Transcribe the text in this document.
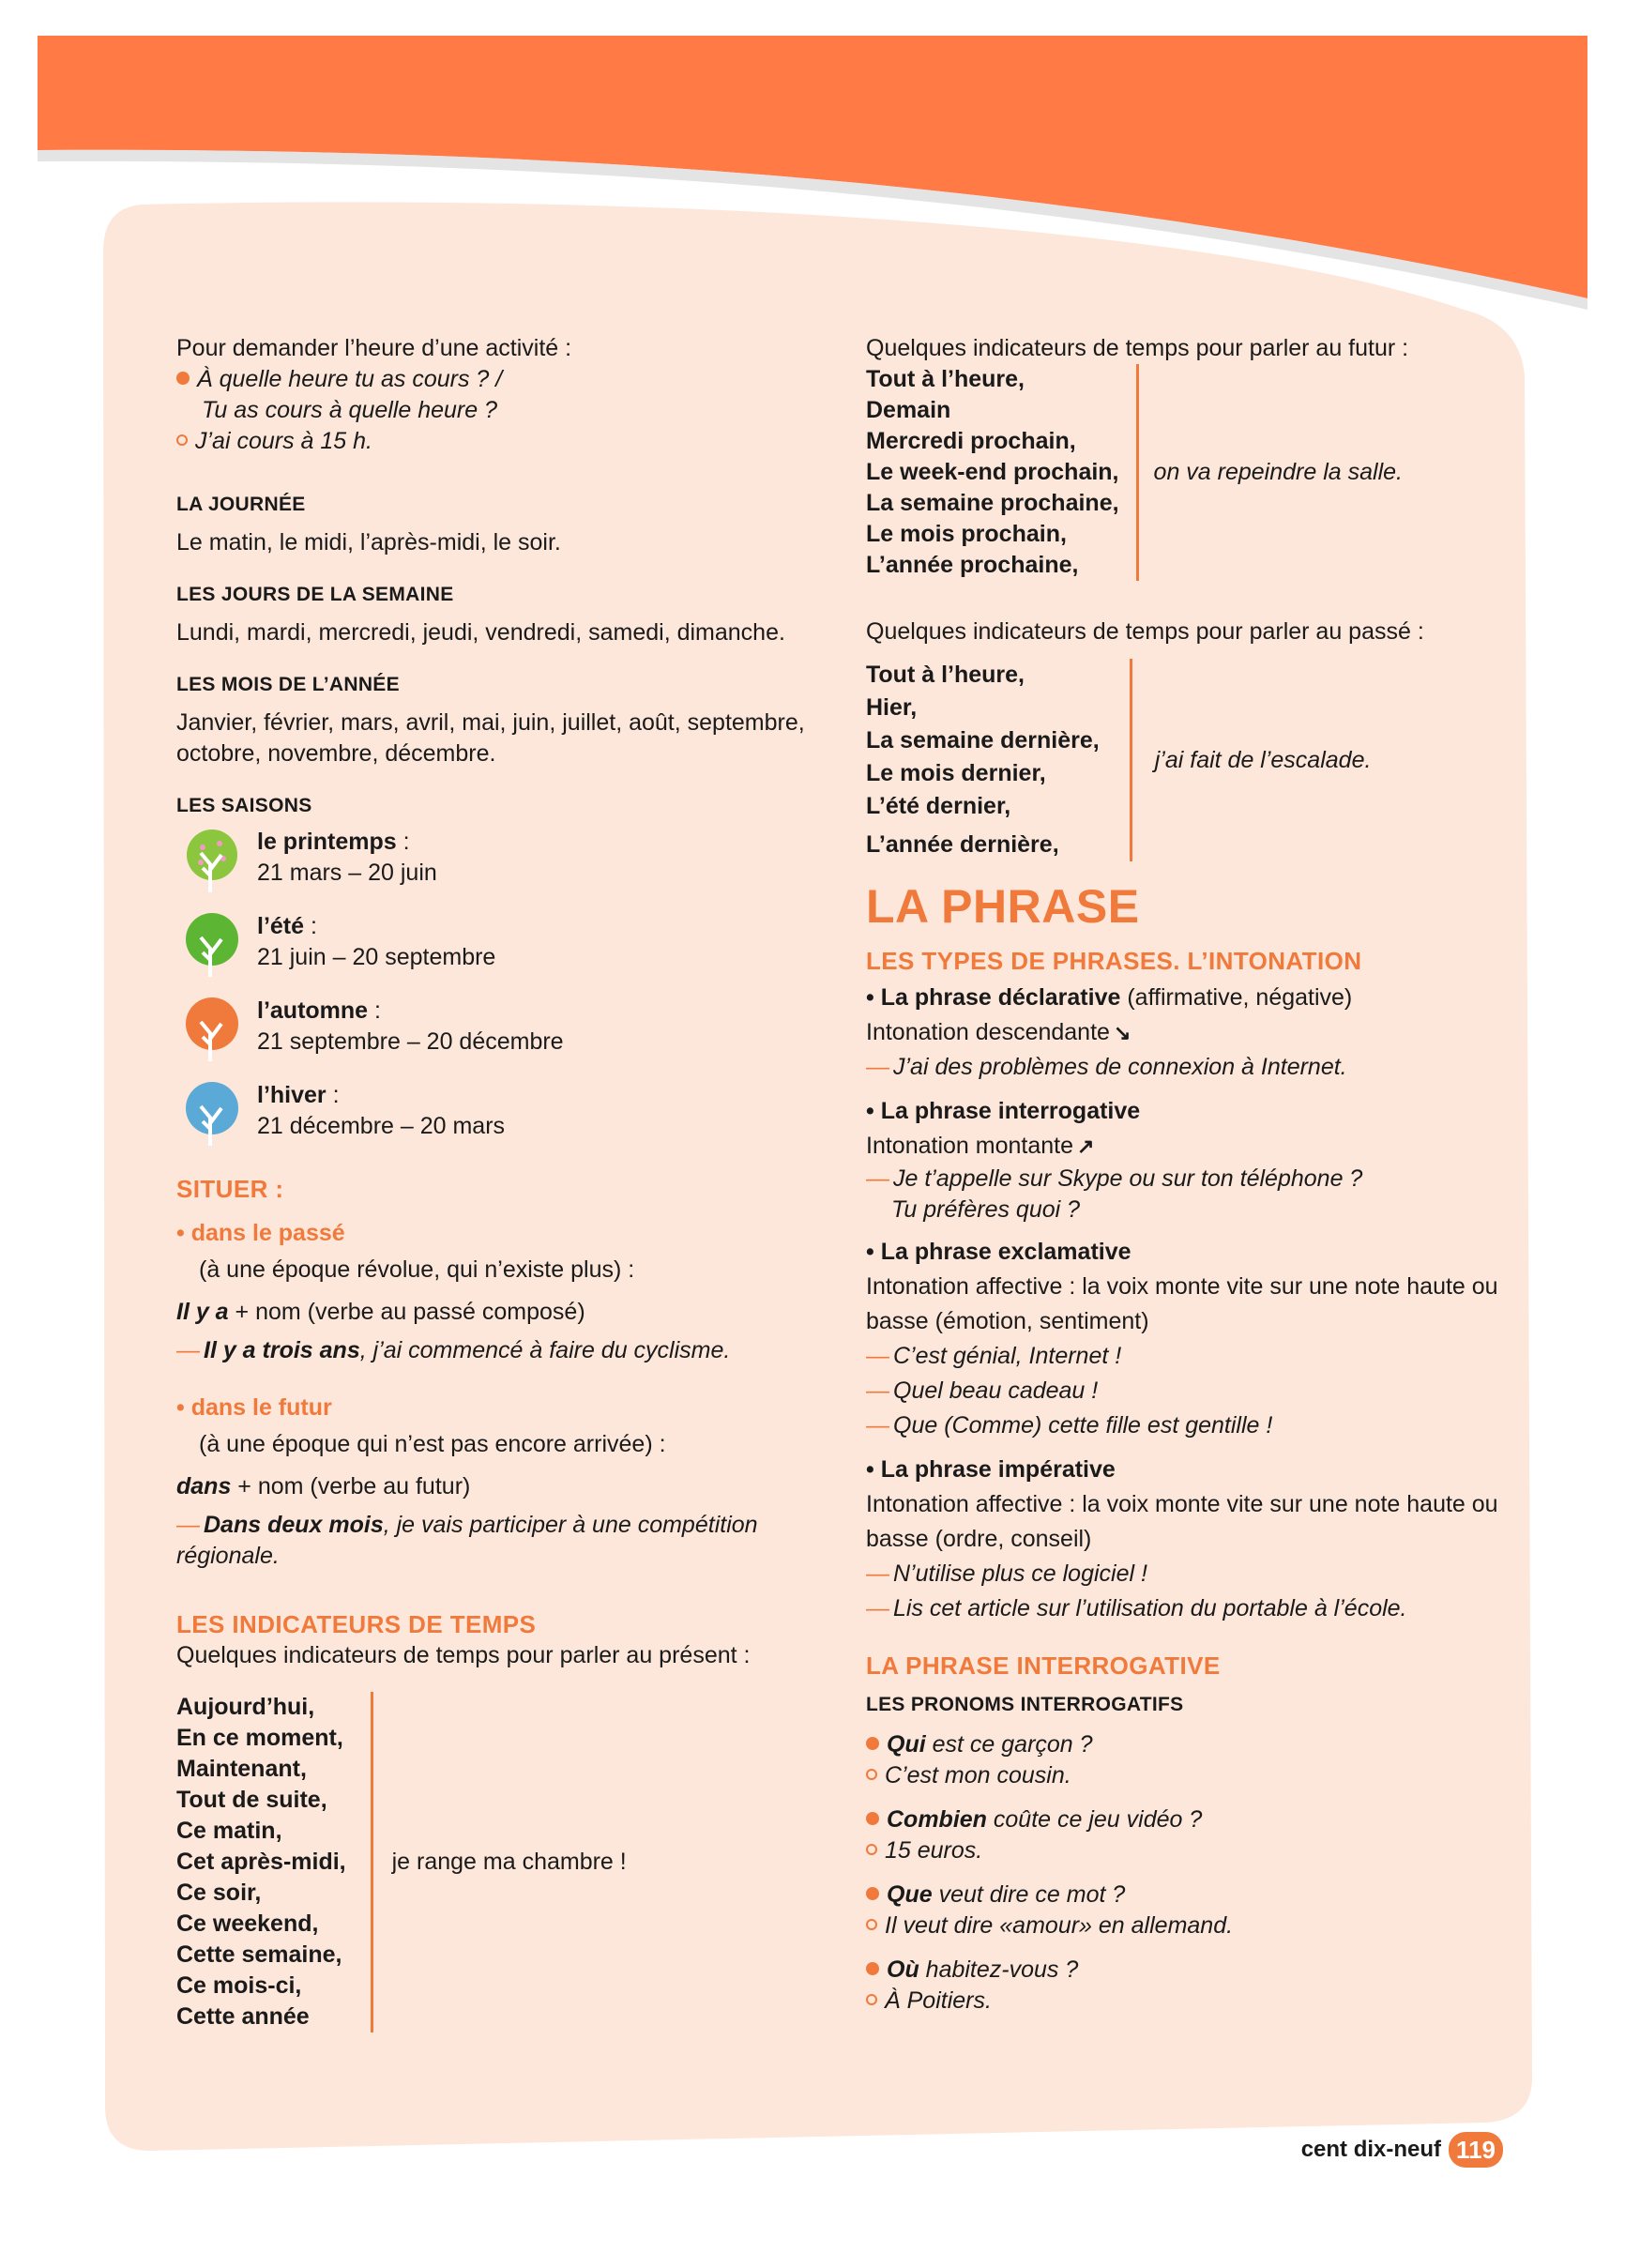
Pour demander l’heure d’une activité :
À quelle heure tu as cours ? /
Tu as cours à quelle heure ?
J’ai cours à 15 h.
LA JOURNÉE
Le matin, le midi, l’après-midi, le soir.
LES JOURS DE LA SEMAINE
Lundi, mardi, mercredi, jeudi, vendredi, samedi, dimanche.
LES MOIS DE L’ANNÉE
Janvier, février, mars, avril, mai, juin, juillet, août, septembre, octobre, novembre, décembre.
LES SAISONS
le printemps :
21 mars – 20 juin
l’été :
21 juin – 20 septembre
l’automne :
21 septembre – 20 décembre
l’hiver :
21 décembre – 20 mars
SITUER :
• dans le passé
(à une époque révolue, qui n’existe plus) :
Il y a + nom (verbe au passé composé)
— Il y a trois ans, j’ai commencé à faire du cyclisme.
• dans le futur
(à une époque qui n’est pas encore arrivée) :
dans + nom (verbe au futur)
— Dans deux mois, je vais participer à une compétition régionale.
LES INDICATEURS DE TEMPS
Quelques indicateurs de temps pour parler au présent :
Aujourd’hui,
En ce moment,
Maintenant,
Tout de suite,
Ce matin,
Cet après-midi,
Ce soir,
Ce weekend,
Cette semaine,
Ce mois-ci,
Cette année
je range ma chambre !
Quelques indicateurs de temps pour parler au futur :
Tout à l’heure,
Demain
Mercredi prochain,
Le week-end prochain,
La semaine prochaine,
Le mois prochain,
L’année prochaine,
on va repeindre la salle.
Quelques indicateurs de temps pour parler au passé :
Tout à l’heure,
Hier,
La semaine dernière,
Le mois dernier,
L’été dernier,
L’année dernière,
j’ai fait de l’escalade.
LA PHRASE
LES TYPES DE PHRASES. L’INTONATION
• La phrase déclarative (affirmative, négative)
Intonation descendante ↘
— J’ai des problèmes de connexion à Internet.
• La phrase interrogative
Intonation montante ↗
— Je t’appelle sur Skype ou sur ton téléphone ?
Tu préfères quoi ?
• La phrase exclamative
Intonation affective : la voix monte vite sur une note haute ou basse (émotion, sentiment)
— C’est génial, Internet !
— Quel beau cadeau !
— Que (Comme) cette fille est gentille !
• La phrase impérative
Intonation affective : la voix monte vite sur une note haute ou basse (ordre, conseil)
— N’utilise plus ce logiciel !
— Lis cet article sur l’utilisation du portable à l’école.
LA PHRASE INTERROGATIVE
LES PRONOMS INTERROGATIFS
Qui est ce garçon ?
C’est mon cousin.
Combien coûte ce jeu vidéo ?
15 euros.
Que veut dire ce mot ?
Il veut dire «amour» en allemand.
Où habitez-vous ?
À Poitiers.
cent dix-neuf 119
